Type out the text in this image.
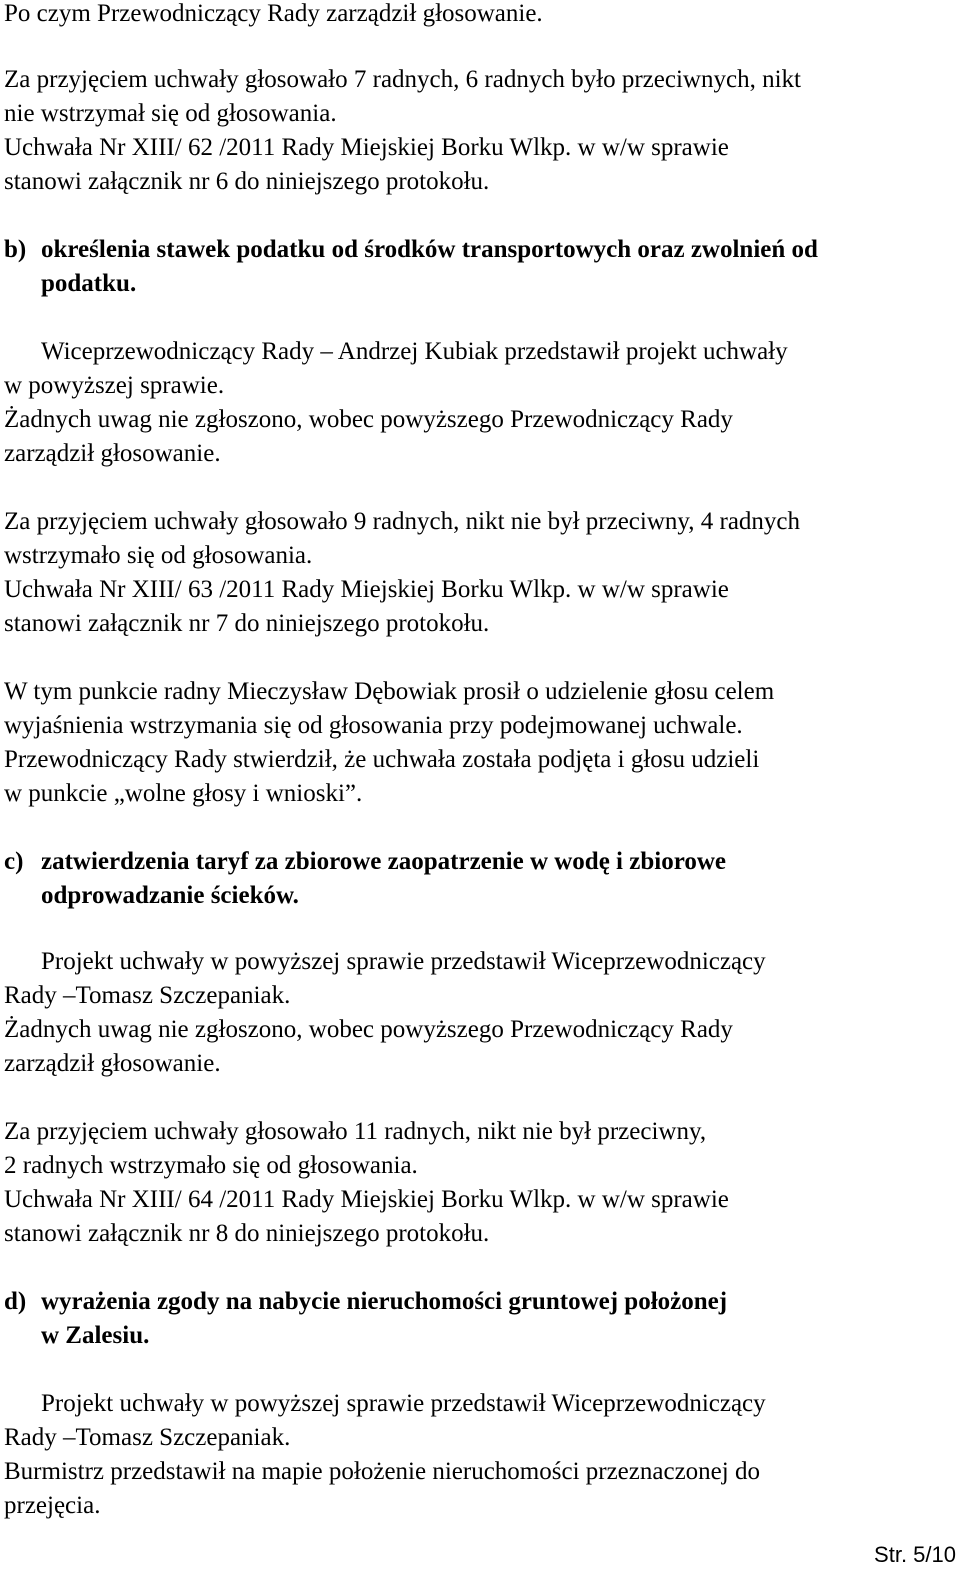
Po czym Przewodniczący Rady zarządził głosowanie.
Za przyjęciem uchwały głosowało 7 radnych, 6 radnych było przeciwnych, nikt
nie wstrzymał się od głosowania.
Uchwała Nr XIII/ 62 /2011 Rady Miejskiej Borku Wlkp. w w/w sprawie
stanowi załącznik nr 6 do niniejszego protokołu.
b) określenia stawek podatku od środków transportowych oraz zwolnień od
podatku.
Wiceprzewodniczący Rady – Andrzej Kubiak przedstawił projekt uchwały
w powyższej sprawie.
Żadnych uwag nie zgłoszono, wobec powyższego Przewodniczący Rady
zarządził głosowanie.
Za przyjęciem uchwały głosowało 9 radnych, nikt nie był przeciwny, 4 radnych
wstrzymało się od głosowania.
Uchwała Nr XIII/ 63 /2011 Rady Miejskiej Borku Wlkp. w w/w sprawie
stanowi załącznik nr 7 do niniejszego protokołu.
W tym punkcie radny Mieczysław Dębowiak prosił o udzielenie głosu celem
wyjaśnienia wstrzymania się od głosowania przy podejmowanej uchwale.
Przewodniczący Rady stwierdził, że uchwała została podjęta i głosu udzieli
w punkcie „wolne głosy i wnioski”.
c) zatwierdzenia taryf za zbiorowe zaopatrzenie w wodę i zbiorowe
odprowadzanie ścieków.
Projekt uchwały w powyższej sprawie przedstawił Wiceprzewodniczący
Rady –Tomasz Szczepaniak.
Żadnych uwag nie zgłoszono, wobec powyższego Przewodniczący Rady
zarządził głosowanie.
Za przyjęciem uchwały głosowało 11 radnych, nikt nie był przeciwny,
2 radnych wstrzymało się od głosowania.
Uchwała Nr XIII/ 64 /2011 Rady Miejskiej Borku Wlkp. w w/w sprawie
stanowi załącznik nr 8 do niniejszego protokołu.
d) wyrażenia zgody na nabycie nieruchomości gruntowej położonej
w Zalesiu.
Projekt uchwały w powyższej sprawie przedstawił Wiceprzewodniczący
Rady –Tomasz Szczepaniak.
Burmistrz przedstawił na mapie położenie nieruchomości przeznaczonej do
przejęcia.
Str. 5/10
